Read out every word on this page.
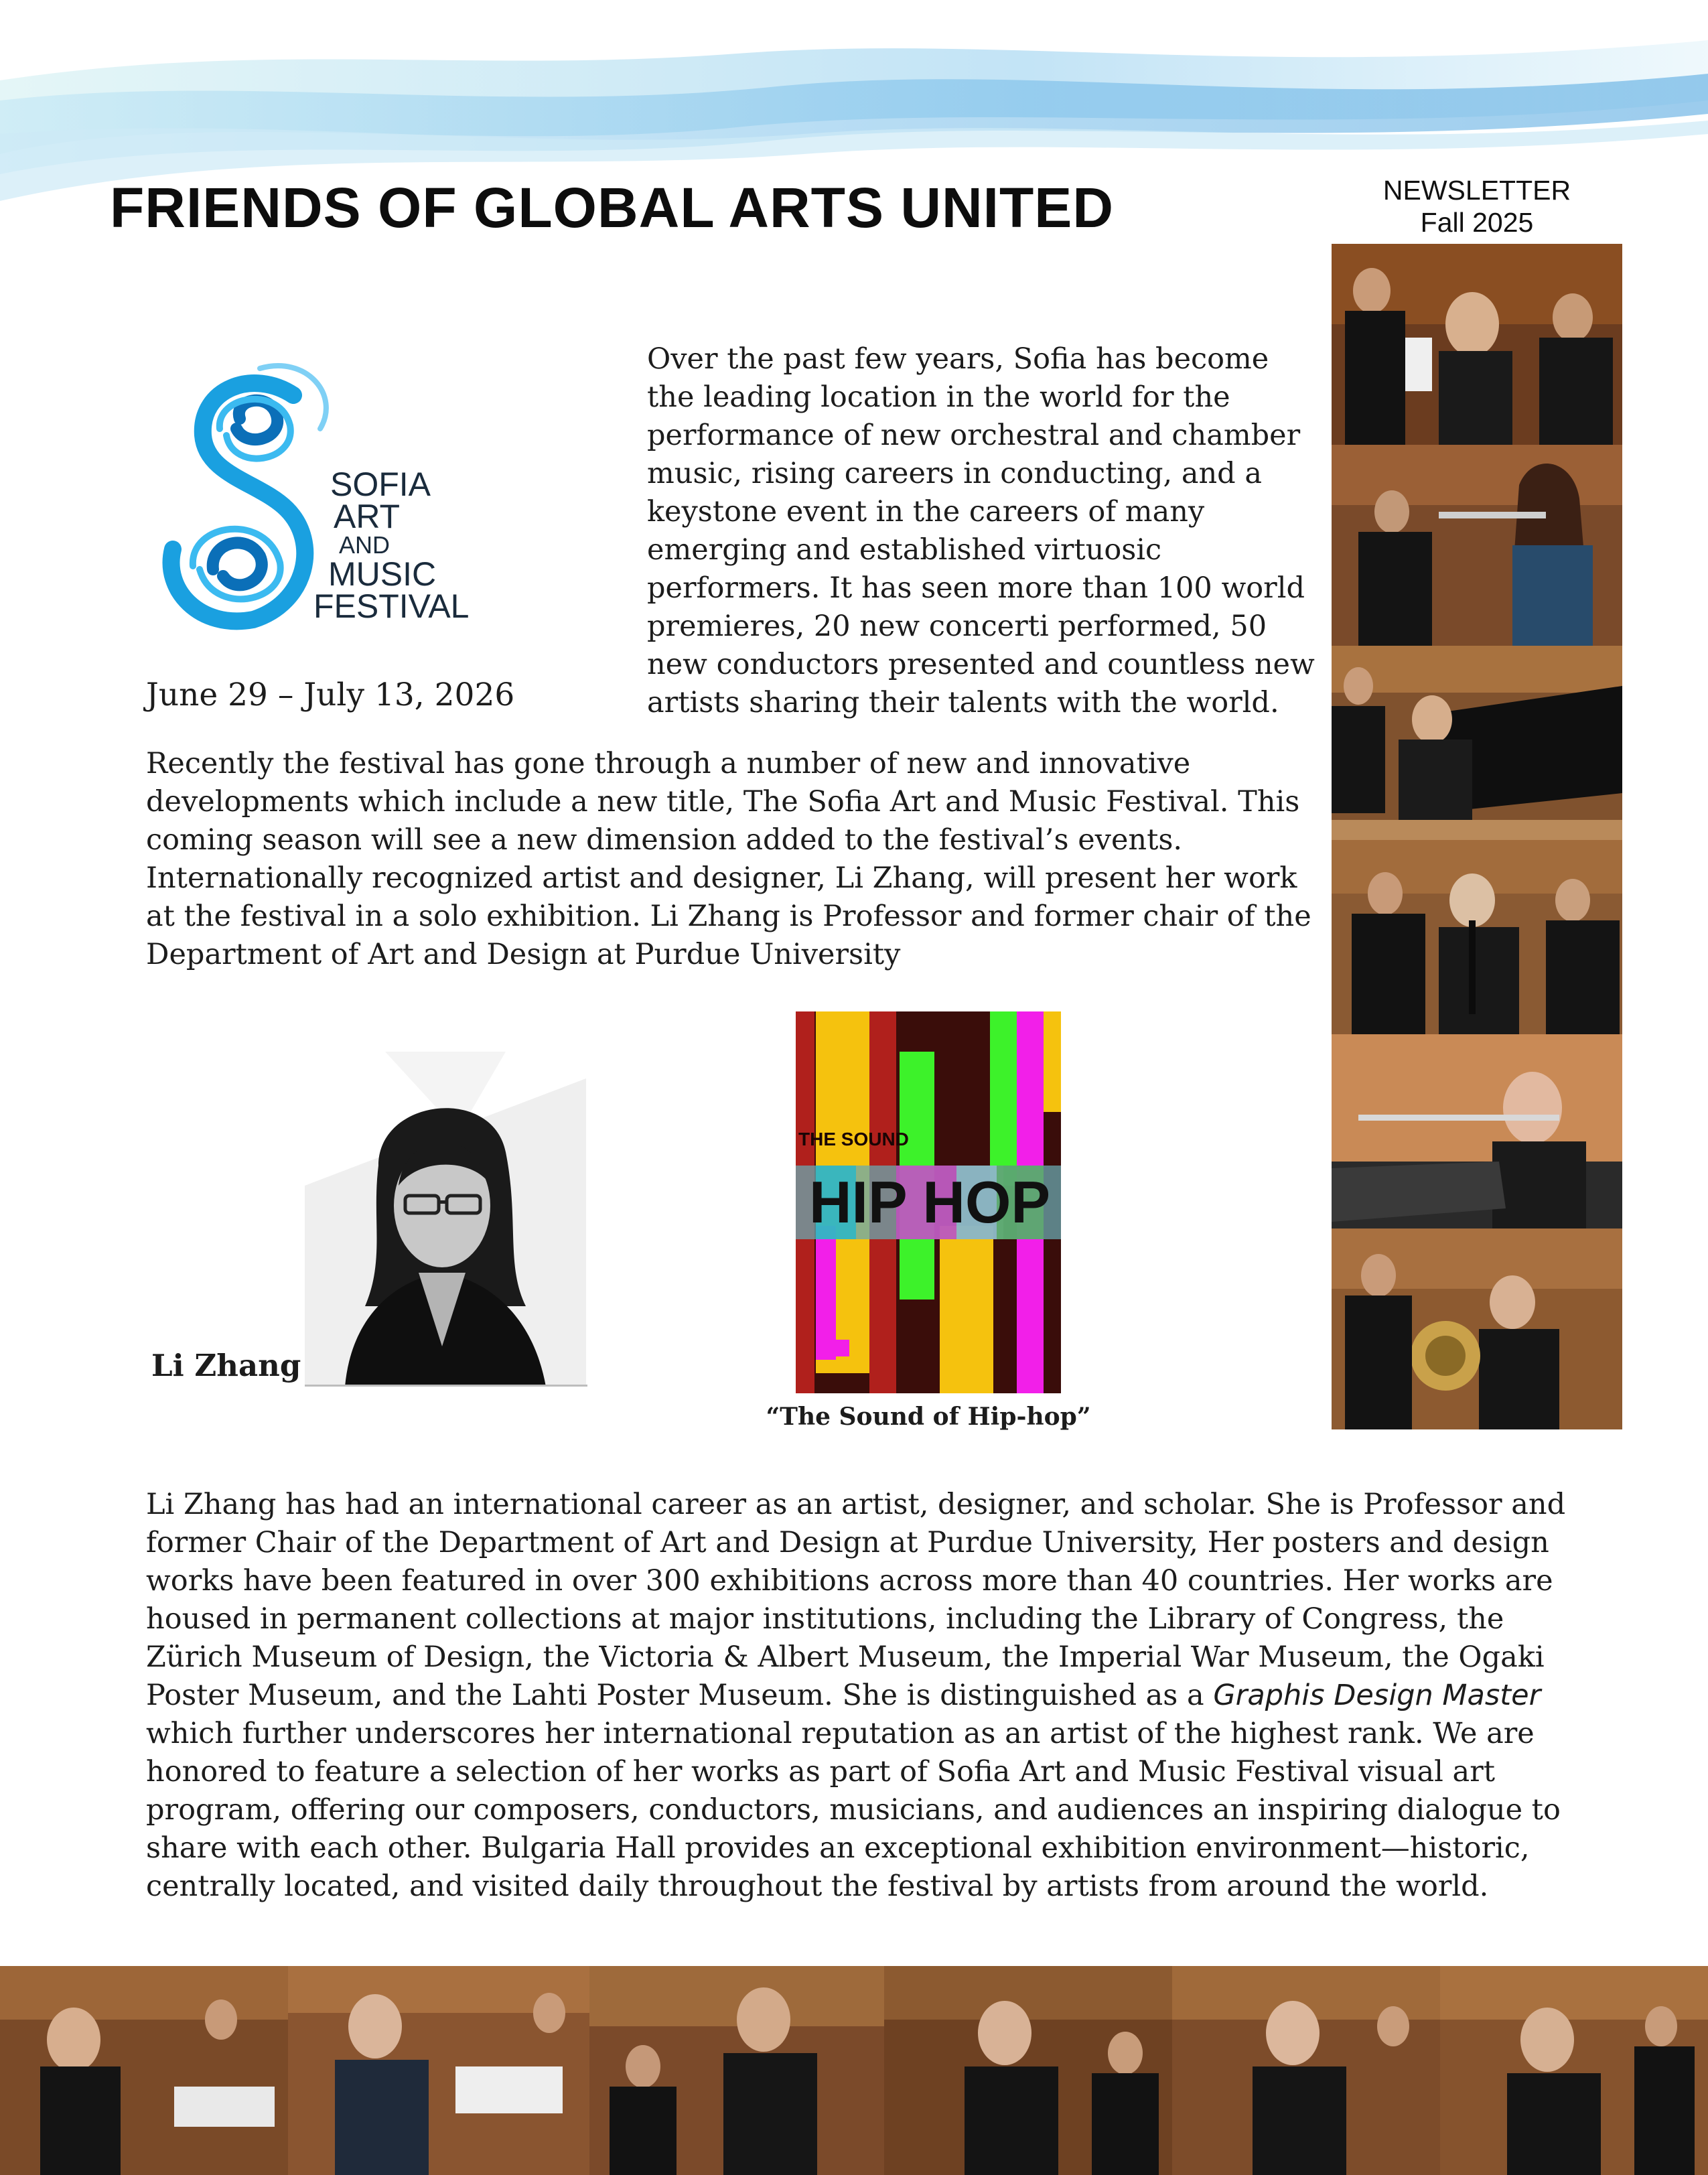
FRIENDS OF GLOBAL ARTS UNITED	NEWSLETTER
Fall 2025
SOFIA
ART
AND
MUSIC
FESTIVAL
June 29 – July 13, 2026

Over the past few years, Sofia has become the leading location in the world for the performance of new orchestral and chamber music, rising careers in conducting, and a keystone event in the careers of many emerging and established virtuosic performers. It has seen more than 100 world premieres, 20 new concerti performed, 50 new conductors presented and countless new artists sharing their talents with the world.

Recently the festival has gone through a number of new and innovative developments which include a new title, The Sofia Art and Music Festival. This coming season will see a new dimension added to the festival’s events. Internationally recognized artist and designer, Li Zhang, will present her work at the festival in a solo exhibition. Li Zhang is Professor and former chair of the Department of Art and Design at Purdue University

Li Zhang
THE SOUND
HIP HOP
“The Sound of Hip-hop”

Li Zhang has had an international career as an artist, designer, and scholar. She is Professor and former Chair of the Department of Art and Design at Purdue University, Her posters and design works have been featured in over 300 exhibitions across more than 40 countries. Her works are housed in permanent collections at major institutions, including the Library of Congress, the Zürich Museum of Design, the Victoria & Albert Museum, the Imperial War Museum, the Ogaki Poster Museum, and the Lahti Poster Museum. She is distinguished as a Graphis Design Master which further underscores her international reputation as an artist of the highest rank. We are honored to feature a selection of her works as part of Sofia Art and Music Festival visual art program, offering our composers, conductors, musicians, and audiences an inspiring dialogue to share with each other. Bulgaria Hall provides an exceptional exhibition environment—historic, centrally located, and visited daily throughout the festival by artists from around the world.
